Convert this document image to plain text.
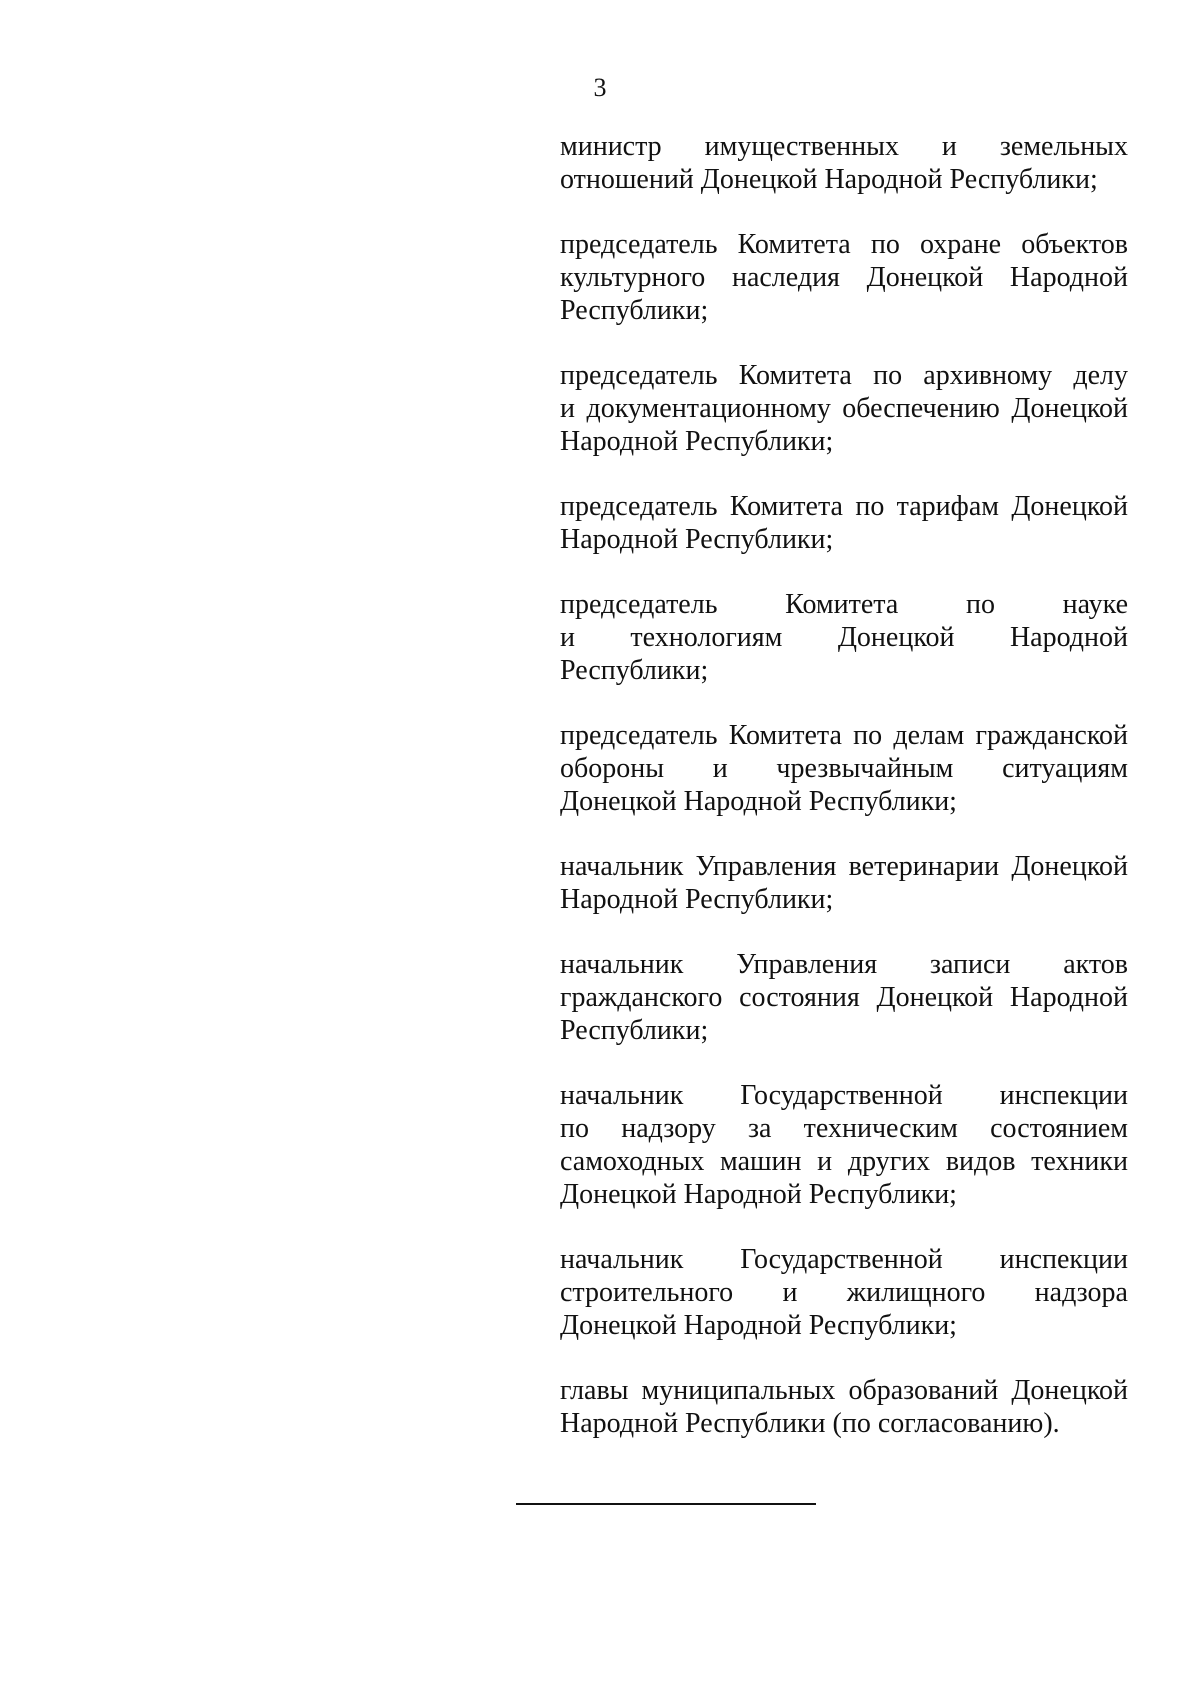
3

министр имущественных и земельных
отношений Донецкой Народной Республики;

председатель Комитета по охране объектов
культурного наследия Донецкой Народной
Республики;

председатель Комитета по архивному делу
и документационному обеспечению Донецкой
Народной Республики;

председатель Комитета по тарифам Донецкой
Народной Республики;

председатель Комитета по науке
и технологиям Донецкой Народной
Республики;

председатель Комитета по делам гражданской
обороны и чрезвычайным ситуациям
Донецкой Народной Республики;

начальник Управления ветеринарии Донецкой
Народной Республики;

начальник Управления записи актов
гражданского состояния Донецкой Народной
Республики;

начальник Государственной инспекции
по надзору за техническим состоянием
самоходных машин и других видов техники
Донецкой Народной Республики;

начальник Государственной инспекции
строительного и жилищного надзора
Донецкой Народной Республики;

главы муниципальных образований Донецкой
Народной Республики (по согласованию).
